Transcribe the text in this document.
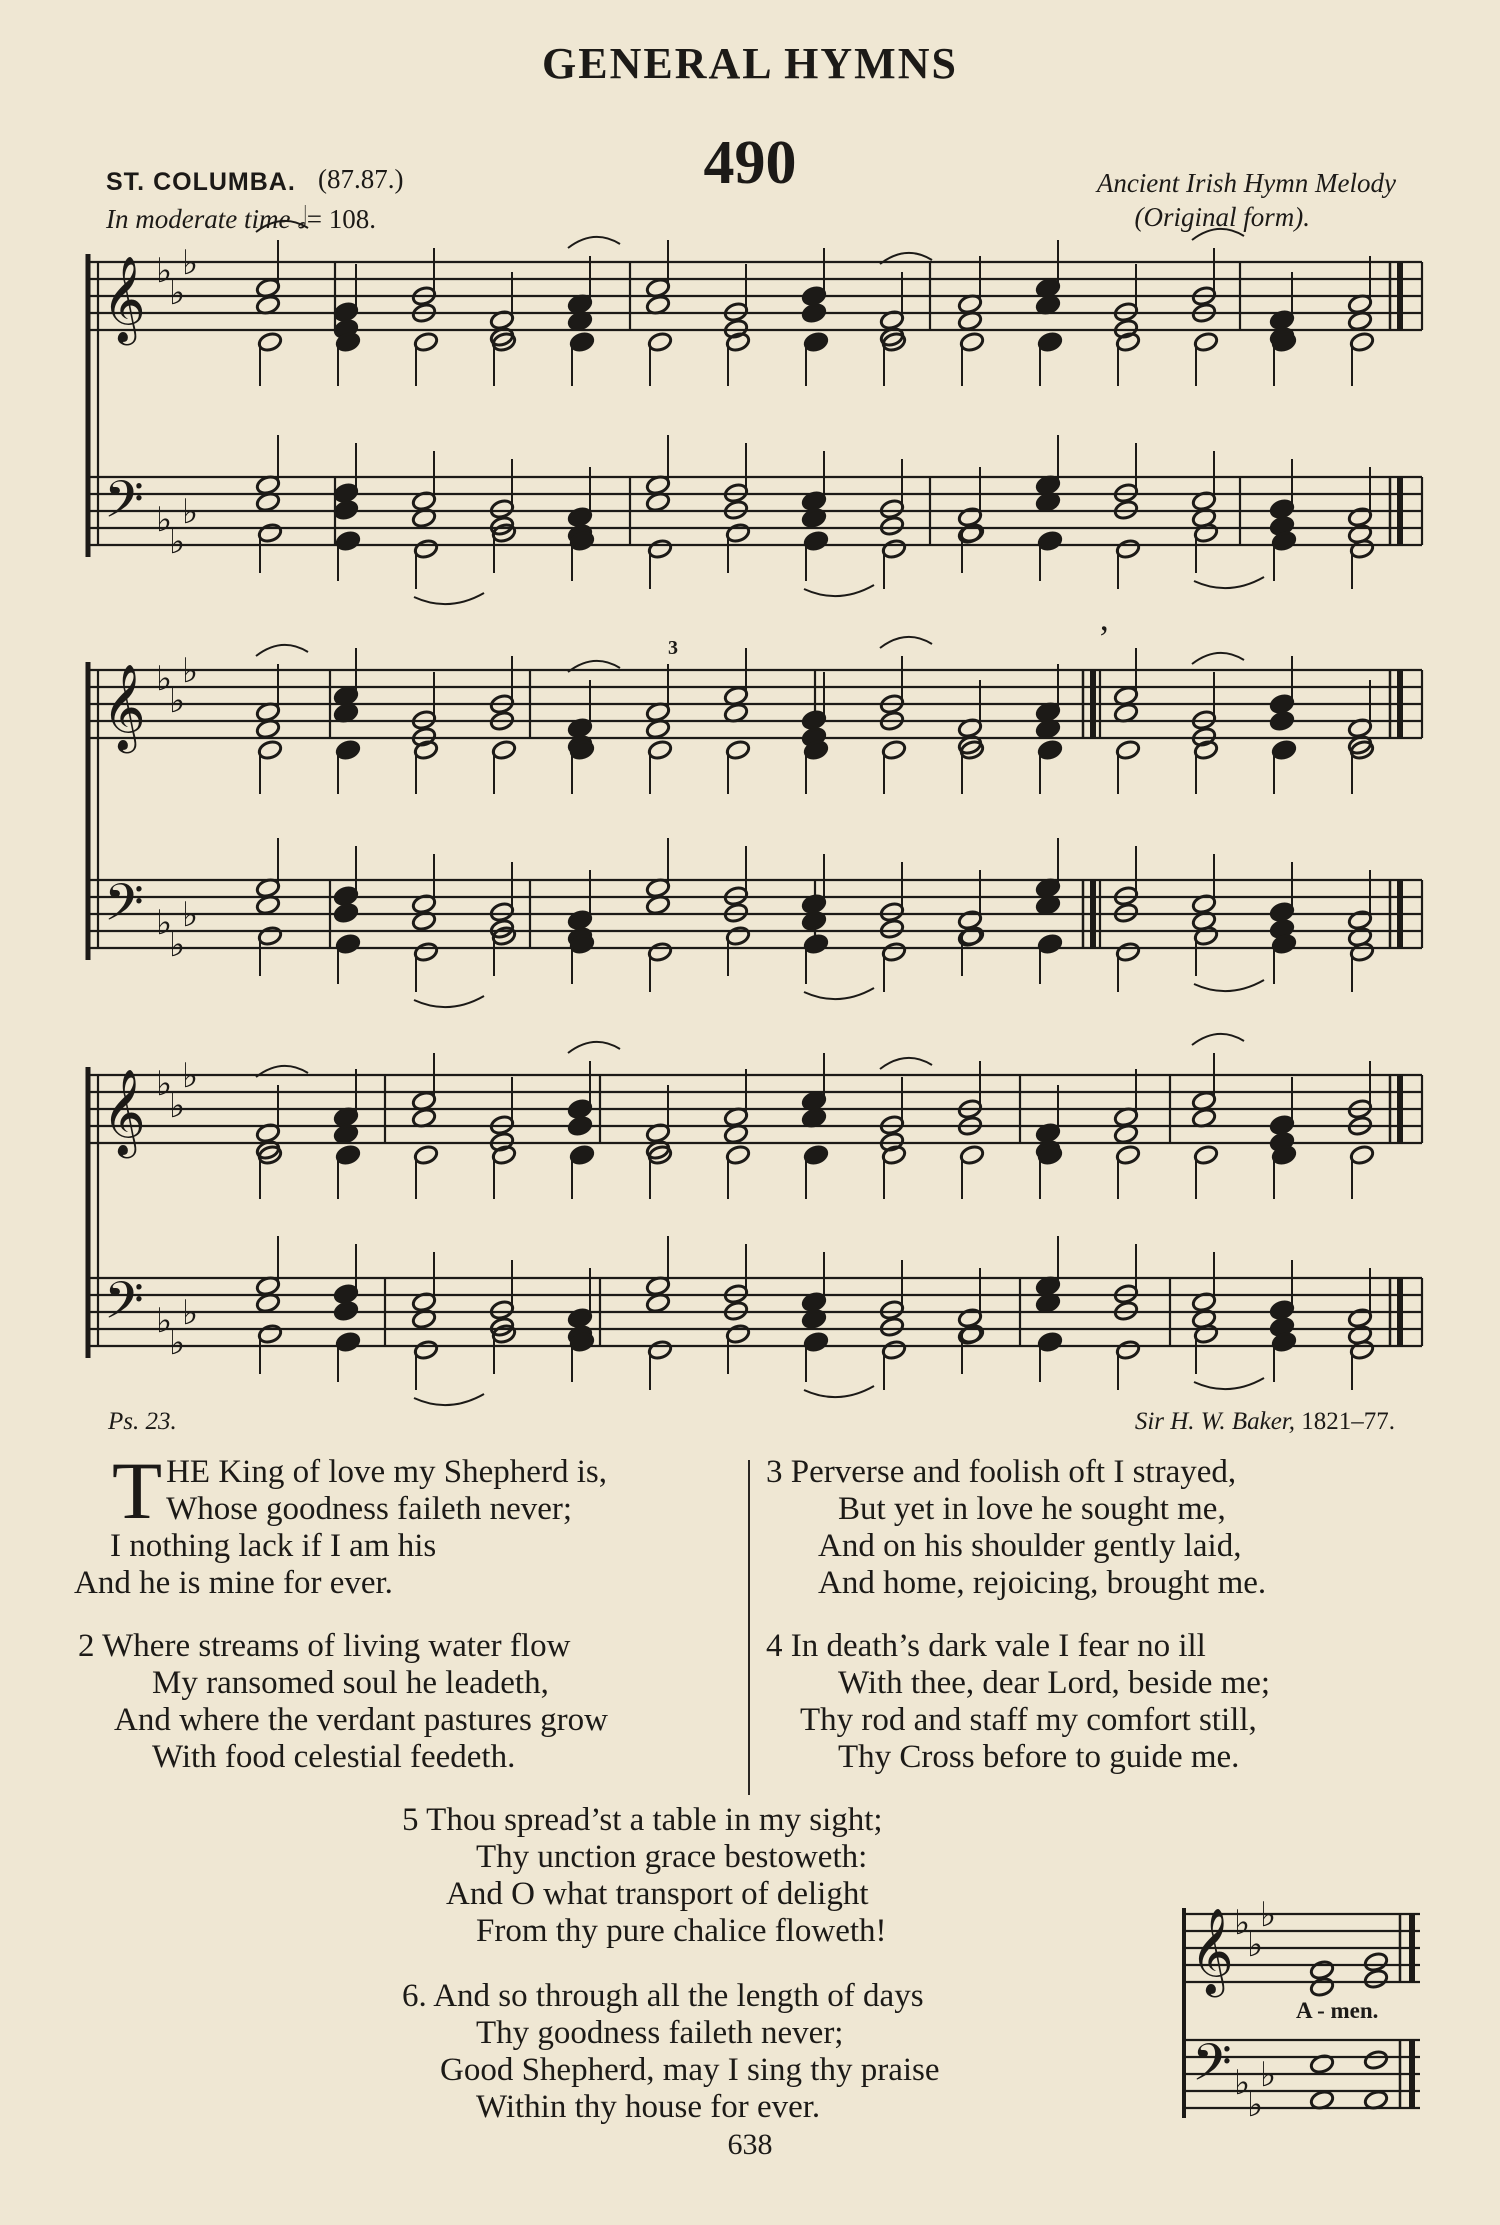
GENERAL HYMNS
490
ST. COLUMBA. (87.87.)
In moderate time 𝅗𝅥= 108.
Ancient Irish Hymn Melody
(Original form).
𝄞
𝄢
♭
♭
♭
♭
♭
♭
𝄞
𝄢
♭
♭
♭
♭
♭
♭
𝄞
𝄢
♭
♭
♭
♭
♭
♭
𝄞
𝄢
♭
♭
♭
♭
♭
♭
’
3
Ps. 23.	Sir H. W. Baker, 1821–77.
T HE King of love my Shepherd is,
Whose goodness faileth never;
I nothing lack if I am his
And he is mine for ever.
2 Where streams of living water flow
My ransomed soul he leadeth,
And where the verdant pastures grow
With food celestial feedeth.
3 Perverse and foolish oft I strayed,
But yet in love he sought me,
And on his shoulder gently laid,
And home, rejoicing, brought me.
4 In death’s dark vale I fear no ill
With thee, dear Lord, beside me;
Thy rod and staff my comfort still,
Thy Cross before to guide me.
5 Thou spread’st a table in my sight;
Thy unction grace bestoweth:
And O what transport of delight
From thy pure chalice floweth!
6. And so through all the length of days
Thy goodness faileth never;
Good Shepherd, may I sing thy praise
Within thy house for ever.
A - men.
638
